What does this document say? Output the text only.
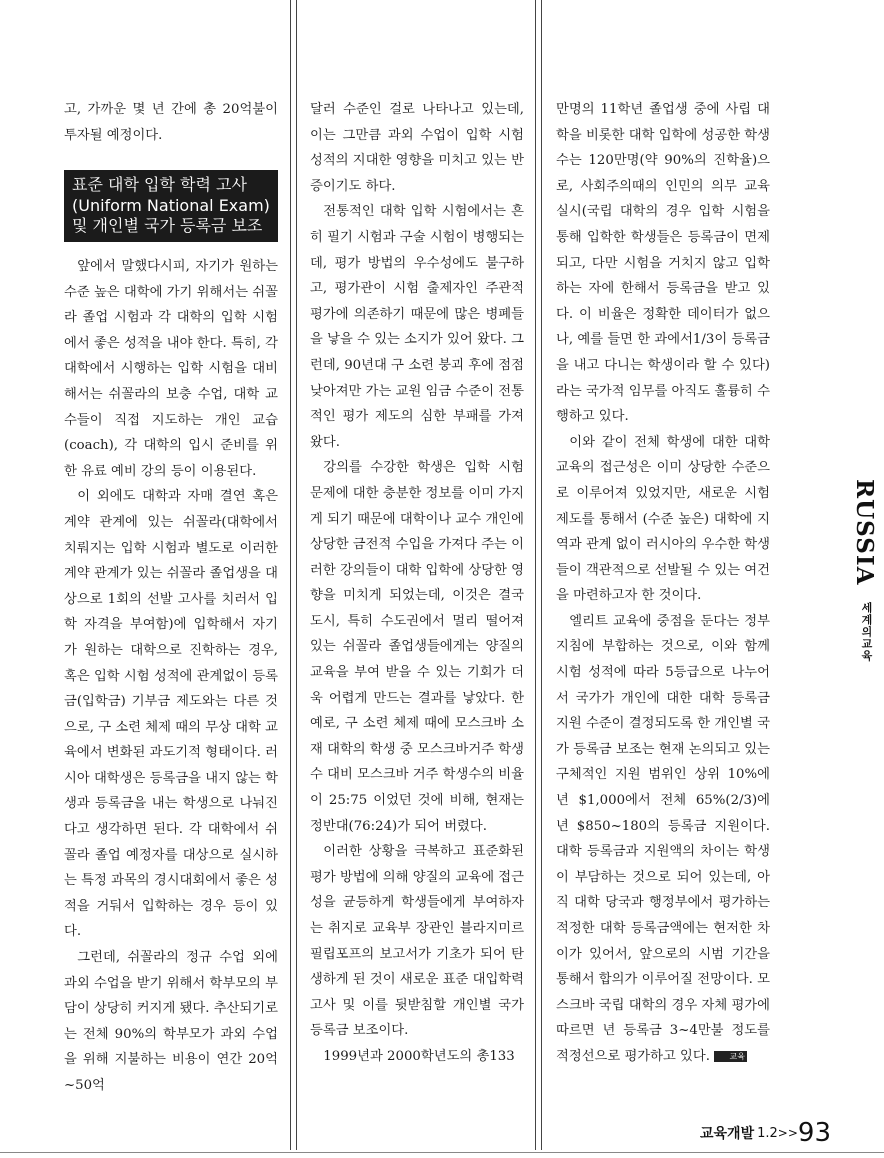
고, 가까운 몇 년 간에 총 20억불이 투자될 예정이다.

표준 대학 입학 학력 고사
(Uniform National Exam)
및 개인별 국가 등록금 보조

앞에서 말했다시피, 자기가 원하는 수준 높은 대학에 가기 위해서는 쉬꼴라 졸업 시험과 각 대학의 입학 시험에서 좋은 성적을 내야 한다. 특히, 각 대학에서 시행하는 입학 시험을 대비해서는 쉬꼴라의 보충 수업, 대학 교수들이 직접 지도하는 개인 교습(coach), 각 대학의 입시 준비를 위한 유료 예비 강의 등이 이용된다.

이 외에도 대학과 자매 결연 혹은 계약 관계에 있는 쉬꼴라(대학에서 치뤄지는 입학 시험과 별도로 이러한 계약 관계가 있는 쉬꼴라 졸업생을 대상으로 1회의 선발 고사를 치러서 입학 자격을 부여함)에 입학해서 자기가 원하는 대학으로 진학하는 경우, 혹은 입학 시험 성적에 관계없이 등록금(입학금) 기부금 제도와는 다른 것으로, 구 소련 체제 때의 무상 대학 교육에서 변화된 과도기적 형태이다. 러시아 대학생은 등록금을 내지 않는 학생과 등록금을 내는 학생으로 나눠진다고 생각하면 된다. 각 대학에서 쉬꼴라 졸업 예정자를 대상으로 실시하는 특정 과목의 경시대회에서 좋은 성적을 거둬서 입학하는 경우 등이 있다.

그런데, 쉬꼴라의 정규 수업 외에 과외 수업을 받기 위해서 학부모의 부담이 상당히 커지게 됐다. 추산되기로는 전체 90%의 학부모가 과외 수업을 위해 지불하는 비용이 연간 20억~50억

달러 수준인 걸로 나타나고 있는데, 이는 그만큼 과외 수업이 입학 시험 성적의 지대한 영향을 미치고 있는 반증이기도 하다.

전통적인 대학 입학 시험에서는 흔히 필기 시험과 구술 시험이 병행되는데, 평가 방법의 우수성에도 불구하고, 평가관이 시험 출제자인 주관적 평가에 의존하기 때문에 많은 병폐들을 낳을 수 있는 소지가 있어 왔다. 그런데, 90년대 구 소련 붕괴 후에 점점 낮아져만 가는 교원 임금 수준이 전통적인 평가 제도의 심한 부패를 가져 왔다.

강의를 수강한 학생은 입학 시험 문제에 대한 충분한 정보를 이미 가지게 되기 때문에 대학이나 교수 개인에 상당한 금전적 수입을 가져다 주는 이러한 강의들이 대학 입학에 상당한 영향을 미치게 되었는데, 이것은 결국 도시, 특히 수도권에서 멀리 떨어져 있는 쉬꼴라 졸업생들에게는 양질의 교육을 부여 받을 수 있는 기회가 더욱 어렵게 만드는 결과를 낳았다. 한 예로, 구 소련 체제 때에 모스크바 소재 대학의 학생 중 모스크바거주 학생수 대비 모스크바 거주 학생수의 비율이 25:75 이었던 것에 비해, 현재는 정반대(76:24)가 되어 버렸다.

이러한 상황을 극복하고 표준화된 평가 방법에 의해 양질의 교육에 접근성을 균등하게 학생들에게 부여하자는 취지로 교육부 장관인 블라지미르 필립포프의 보고서가 기초가 되어 탄생하게 된 것이 새로운 표준 대입학력 고사 및 이를 뒷받침할 개인별 국가 등록금 보조이다.

1999년과 2000학년도의 총133

만명의 11학년 졸업생 중에 사립 대학을 비롯한 대학 입학에 성공한 학생수는 120만명(약 90%의 진학율)으로, 사회주의때의 인민의 의무 교육 실시(국립 대학의 경우 입학 시험을 통해 입학한 학생들은 등록금이 면제되고, 다만 시험을 거치지 않고 입학하는 자에 한해서 등록금을 받고 있다. 이 비율은 정확한 데이터가 없으나, 예를 들면 한 과에서1/3이 등록금을 내고 다니는 학생이라 할 수 있다)라는 국가적 임무를 아직도 훌륭히 수행하고 있다.

이와 같이 전체 학생에 대한 대학 교육의 접근성은 이미 상당한 수준으로 이루어져 있었지만, 새로운 시험 제도를 통해서 (수준 높은) 대학에 지역과 관계 없이 러시아의 우수한 학생들이 객관적으로 선발될 수 있는 여건을 마련하고자 한 것이다.

엘리트 교육에 중점을 둔다는 정부 지침에 부합하는 것으로, 이와 함께 시험 성적에 따라 5등급으로 나누어서 국가가 개인에 대한 대학 등록금 지원 수준이 결정되도록 한 개인별 국가 등록금 보조는 현재 논의되고 있는 구체적인 지원 범위인 상위 10%에 년 $1,000에서 전체 65%(2/3)에 년 $850~180의 등록금 지원이다. 대학 등록금과 지원액의 차이는 학생이 부담하는 것으로 되어 있는데, 아직 대학 당국과 행정부에서 평가하는 적정한 대학 등록금액에는 현저한 차이가 있어서, 앞으로의 시범 기간을 통해서 합의가 이루어질 전망이다. 모스크바 국립 대학의 경우 자체 평가에 따르면 년 등록금 3~4만불 정도를 적정선으로 평가하고 있다. 교육

RUSSIA
세계의교육
교육개발 1.2>>93
